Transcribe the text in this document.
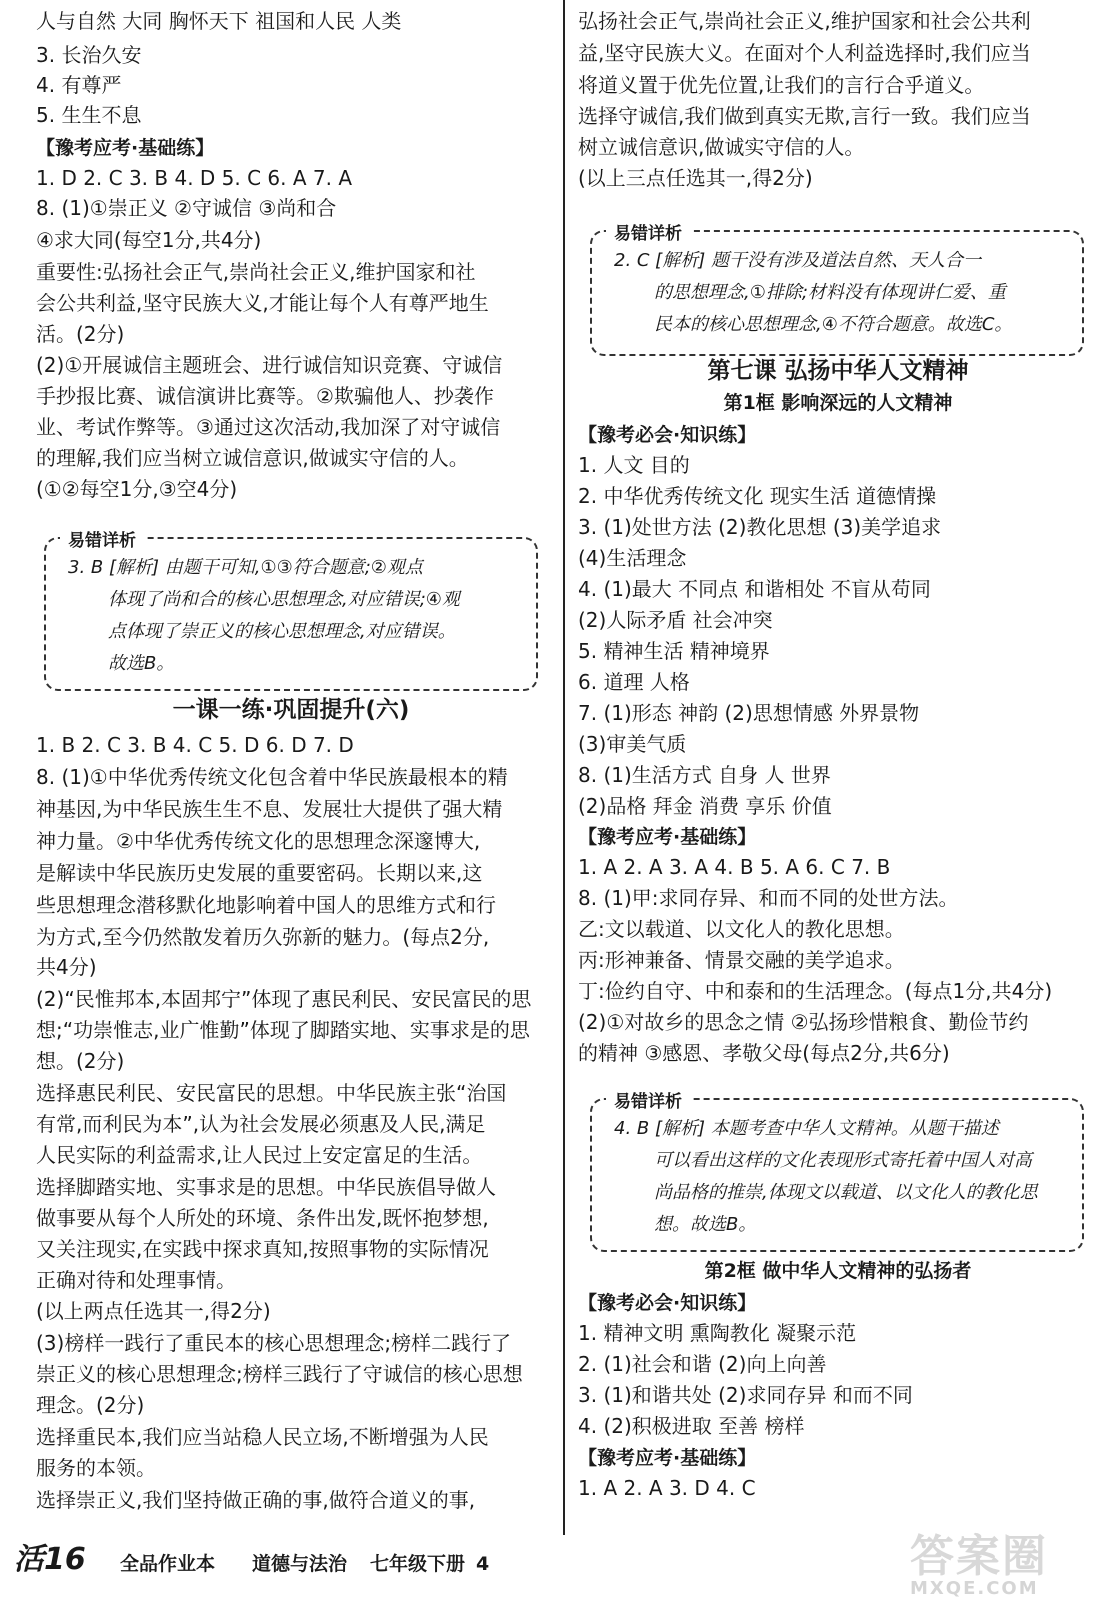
人与自然 大同 胸怀天下 祖国和人民 人类
3. 长治久安
4. 有尊严
5. 生生不息
【豫考应考·基础练】
1. D 2. C 3. B 4. D 5. C 6. A 7. A
8. (1)①崇正义 ②守诚信 ③尚和合
④求大同(每空1分,共4分)
重要性:弘扬社会正气,崇尚社会正义,维护国家和社
会公共利益,坚守民族大义,才能让每个人有尊严地生
活。(2分)
(2)①开展诚信主题班会、进行诚信知识竞赛、守诚信
手抄报比赛、诚信演讲比赛等。②欺骗他人、抄袭作
业、考试作弊等。③通过这次活动,我加深了对守诚信
的理解,我们应当树立诚信意识,做诚实守信的人。
(①②每空1分,③空4分)
一课一练·巩固提升(六)
1. B 2. C 3. B 4. C 5. D 6. D 7. D
8. (1)①中华优秀传统文化包含着中华民族最根本的精
神基因,为中华民族生生不息、发展壮大提供了强大精
神力量。②中华优秀传统文化的思想理念深邃博大,
是解读中华民族历史发展的重要密码。长期以来,这
些思想理念潜移默化地影响着中国人的思维方式和行
为方式,至今仍然散发着历久弥新的魅力。(每点2分,
共4分)
(2)“民惟邦本,本固邦宁”体现了惠民利民、安民富民的思
想;“功崇惟志,业广惟勤”体现了脚踏实地、实事求是的思
想。(2分)
选择惠民利民、安民富民的思想。中华民族主张“治国
有常,而利民为本”,认为社会发展必须惠及人民,满足
人民实际的利益需求,让人民过上安定富足的生活。
选择脚踏实地、实事求是的思想。中华民族倡导做人
做事要从每个人所处的环境、条件出发,既怀抱梦想,
又关注现实,在实践中探求真知,按照事物的实际情况
正确对待和处理事情。
(以上两点任选其一,得2分)
(3)榜样一践行了重民本的核心思想理念;榜样二践行了
崇正义的核心思想理念;榜样三践行了守诚信的核心思想
理念。(2分)
选择重民本,我们应当站稳人民立场,不断增强为人民
服务的本领。
选择崇正义,我们坚持做正确的事,做符合道义的事,
易错详析
3. B [解析] 由题干可知,①③符合题意;②观点
体现了尚和合的核心思想理念,对应错误;④观
点体现了崇正义的核心思想理念,对应错误。
故选B。
弘扬社会正气,崇尚社会正义,维护国家和社会公共利
益,坚守民族大义。在面对个人利益选择时,我们应当
将道义置于优先位置,让我们的言行合乎道义。
选择守诚信,我们做到真实无欺,言行一致。我们应当
树立诚信意识,做诚实守信的人。
(以上三点任选其一,得2分)
第七课 弘扬中华人文精神
第1框 影响深远的人文精神
【豫考必会·知识练】
1. 人文 目的
2. 中华优秀传统文化 现实生活 道德情操
3. (1)处世方法 (2)教化思想 (3)美学追求
(4)生活理念
4. (1)最大 不同点 和谐相处 不盲从苟同
(2)人际矛盾 社会冲突
5. 精神生活 精神境界
6. 道理 人格
7. (1)形态 神韵 (2)思想情感 外界景物
(3)审美气质
8. (1)生活方式 自身 人 世界
(2)品格 拜金 消费 享乐 价值
【豫考应考·基础练】
1. A 2. A 3. A 4. B 5. A 6. C 7. B
8. (1)甲:求同存异、和而不同的处世方法。
乙:文以载道、以文化人的教化思想。
丙:形神兼备、情景交融的美学追求。
丁:俭约自守、中和泰和的生活理念。(每点1分,共4分)
(2)①对故乡的思念之情 ②弘扬珍惜粮食、勤俭节约
的精神 ③感恩、孝敬父母(每点2分,共6分)
第2框 做中华人文精神的弘扬者
【豫考必会·知识练】
1. 精神文明 熏陶教化 凝聚示范
2. (1)社会和谐 (2)向上向善
3. (1)和谐共处 (2)求同存异 和而不同
4. (2)积极进取 至善 榜样
【豫考应考·基础练】
1. A 2. A 3. D 4. C
易错详析
2. C [解析] 题干没有涉及道法自然、天人合一
的思想理念,①排除;材料没有体现讲仁爱、重
民本的核心思想理念,④不符合题意。故选C。
易错详析
4. B [解析] 本题考查中华人文精神。从题干描述
可以看出这样的文化表现形式寄托着中国人对高
尚品格的推崇,体现文以载道、以文化人的教化思
想。故选B。
活16 全品作业本 道德与法治 七年级下册 4	答案圈
MXQE.COM
